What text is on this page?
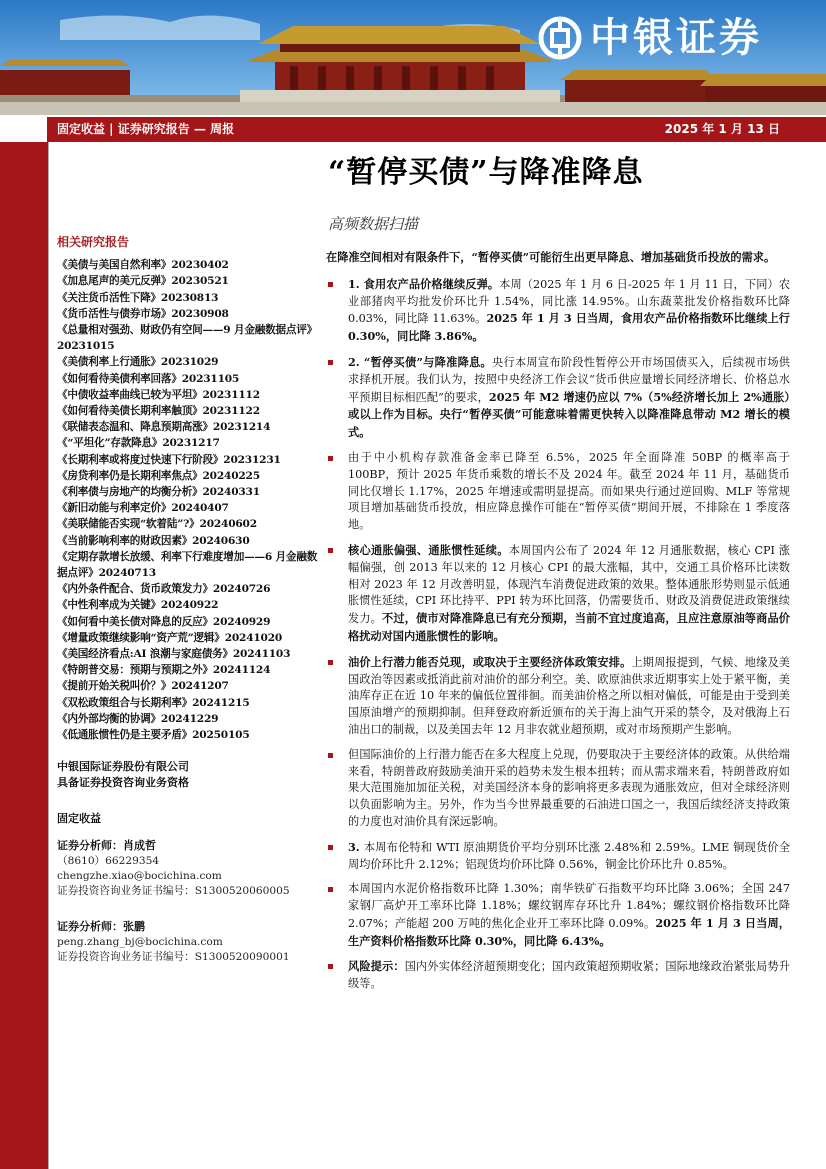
中银证券
固定收益 | 证券研究报告 — 周报	2025 年 1 月 13 日
“暂停买债”与降准降息
高频数据扫描
相关研究报告
《美债与美国自然利率》20230402
《加息尾声的美元反弹》20230521
《关注货币活性下降》20230813
《货币活性与债券市场》20230908
《总量相对强劲、财政仍有空间——9 月金融数据点评》20231015
《美债利率上行通胀》20231029
《如何看待美债利率回落》20231105
《中债收益率曲线已较为平坦》20231112
《如何看待美债长期利率触顶》20231122
《联储表态温和、降息预期高涨》20231214
《“平坦化”存款降息》20231217
《长期利率或将度过快速下行阶段》20231231
《房贷利率仍是长期利率焦点》20240225
《利率债与房地产的均衡分析》20240331
《新旧动能与利率定价》20240407
《美联储能否实现“软着陆”?》20240602
《当前影响利率的财政因素》20240630
《定期存款增长放缓、利率下行难度增加——6 月金融数据点评》20240713
《内外条件配合、货币政策发力》20240726
《中性利率成为关键》20240922
《如何看中美长债对降息的反应》20240929
《增量政策继续影响“资产荒”逻辑》20241020
《美国经济看点:AI 浪潮与家庭债务》20241103
《特朗普交易：预期与预期之外》20241124
《提前开始关税叫价？》20241207
《双松政策组合与长期利率》20241215
《内外部均衡的协调》20241229
《低通胀惯性仍是主要矛盾》20250105
中银国际证券股份有限公司
具备证券投资咨询业务资格
固定收益
证券分析师：肖成哲
（8610）66229354
chengzhe.xiao@bocichina.com
证券投资咨询业务证书编号：S1300520060005
证券分析师：张鹏
peng.zhang_bj@bocichina.com
证券投资咨询业务证书编号：S1300520090001
在降准空间相对有限条件下，“暂停买债”可能衍生出更早降息、增加基础货币投放的需求。
1. 食用农产品价格继续反弹。本周（2025 年 1 月 6 日-2025 年 1 月 11 日，下同）农业部猪肉平均批发价环比升 1.54%，同比涨 14.95%。山东蔬菜批发价格指数环比降 0.03%，同比降 11.63%。2025 年 1 月 3 日当周，食用农产品价格指数环比继续上行 0.30%，同比降 3.86%。
2. “暂停买债”与降准降息。央行本周宣布阶段性暂停公开市场国债买入，后续视市场供求择机开展。我们认为，按照中央经济工作会议“货币供应量增长同经济增长、价格总水平预期目标相匹配”的要求，2025 年 M2 增速仍应以 7%（5%经济增长加上 2%通胀）或以上作为目标。央行“暂停买债”可能意味着需更快转入以降准降息带动 M2 增长的模式。
由于中小机构存款准备金率已降至 6.5%，2025 年全面降准 50BP 的概率高于 100BP，预计 2025 年货币乘数的增长不及 2024 年。截至 2024 年 11 月，基础货币同比仅增长 1.17%，2025 年增速或需明显提高。而如果央行通过逆回购、MLF 等常规项目增加基础货币投放，相应降息操作可能在“暂停买债”期间开展，不排除在 1 季度落地。
核心通胀偏强、通胀惯性延续。本周国内公布了 2024 年 12 月通胀数据，核心 CPI 涨幅偏强，创 2013 年以来的 12 月核心 CPI 的最大涨幅，其中，交通工具价格环比读数相对 2023 年 12 月改善明显，体现汽车消费促进政策的效果。整体通胀形势则显示低通胀惯性延续，CPI 环比持平、PPI 转为环比回落，仍需要货币、财政及消费促进政策继续发力。不过，债市对降准降息已有充分预期，当前不宜过度追高，且应注意原油等商品价格扰动对国内通胀惯性的影响。
油价上行潜力能否兑现，或取决于主要经济体政策安排。上期周报提到，气候、地缘及美国政治等因素或抵消此前对油价的部分利空。美、欧原油供求近期事实上处于紧平衡，美油库存正在近 10 年来的偏低位置徘徊。而美油价格之所以相对偏低，可能是由于受到美国原油增产的预期抑制。但拜登政府新近颁布的关于海上油气开采的禁令，及对俄海上石油出口的制裁，以及美国去年 12 月非农就业超预期，或对市场预期产生影响。
但国际油价的上行潜力能否在多大程度上兑现，仍要取决于主要经济体的政策。从供给端来看，特朗普政府鼓励美油开采的趋势未发生根本扭转；而从需求端来看，特朗普政府如果大范围施加加征关税，对美国经济本身的影响将更多表现为通胀效应，但对全球经济则以负面影响为主。另外，作为当今世界最重要的石油进口国之一，我国后续经济支持政策的力度也对油价具有深远影响。
3. 本周布伦特和 WTI 原油期货价平均分别环比涨 2.48%和 2.59%。LME 铜现货价全周均价环比升 2.12%；铝现货均价环比降 0.56%，铜金比价环比升 0.85%。
本周国内水泥价格指数环比降 1.30%；南华铁矿石指数平均环比降 3.06%；全国 247 家钢厂高炉开工率环比降 1.18%；螺纹钢库存环比升 1.84%；螺纹钢价格指数环比降 2.07%；产能超 200 万吨的焦化企业开工率环比降 0.09%。2025 年 1 月 3 日当周，生产资料价格指数环比降 0.30%，同比降 6.43%。
风险提示：国内外实体经济超预期变化；国内政策超预期收紧；国际地缘政治紧张局势升级等。
